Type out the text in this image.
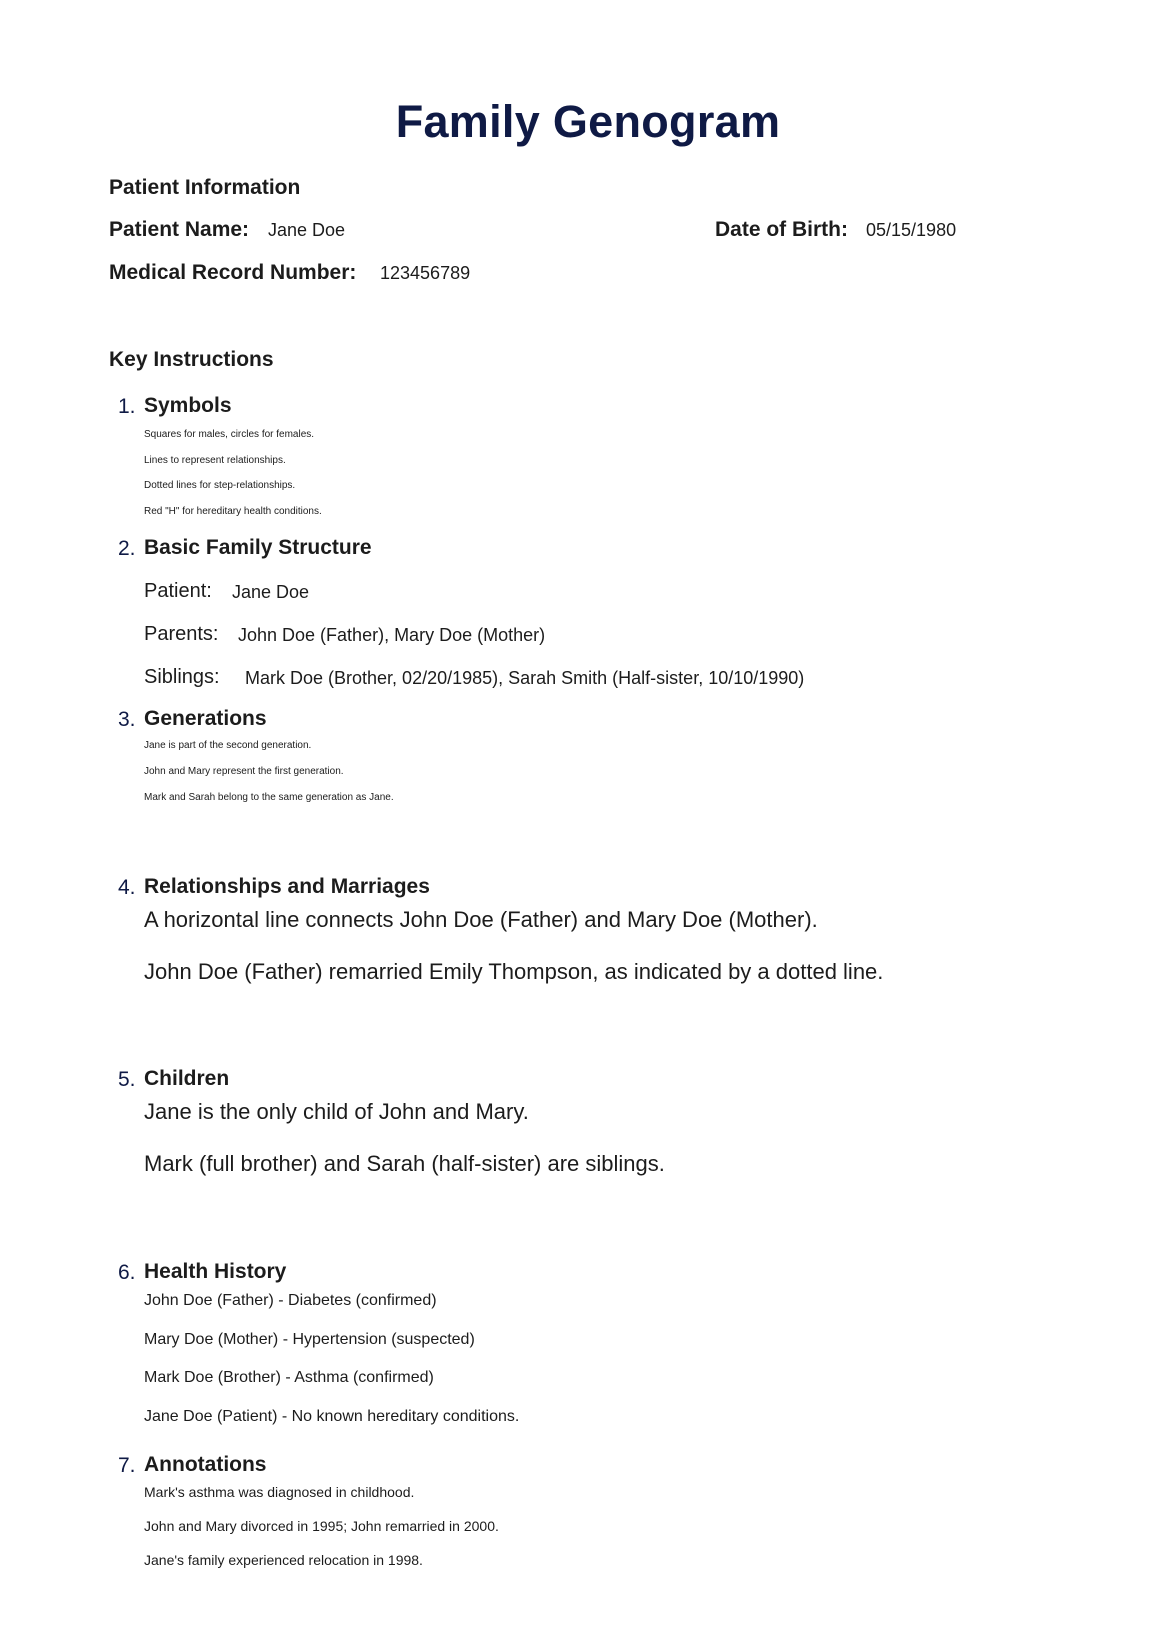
Family Genogram
Patient Information
Patient Name: Jane Doe	Date of Birth: 05/15/1980
Medical Record Number: 123456789
Key Instructions
1. Symbols
Squares for males, circles for females.
Lines to represent relationships.
Dotted lines for step-relationships.
Red "H" for hereditary health conditions.
2. Basic Family Structure
Patient: Jane Doe
Parents: John Doe (Father), Mary Doe (Mother)
Siblings: Mark Doe (Brother, 02/20/1985), Sarah Smith (Half-sister, 10/10/1990)
3. Generations
Jane is part of the second generation.
John and Mary represent the first generation.
Mark and Sarah belong to the same generation as Jane.
4. Relationships and Marriages
A horizontal line connects John Doe (Father) and Mary Doe (Mother).
John Doe (Father) remarried Emily Thompson, as indicated by a dotted line.
5. Children
Jane is the only child of John and Mary.
Mark (full brother) and Sarah (half-sister) are siblings.
6. Health History
John Doe (Father) - Diabetes (confirmed)
Mary Doe (Mother) - Hypertension (suspected)
Mark Doe (Brother) - Asthma (confirmed)
Jane Doe (Patient) - No known hereditary conditions.
7. Annotations
Mark's asthma was diagnosed in childhood.
John and Mary divorced in 1995; John remarried in 2000.
Jane's family experienced relocation in 1998.
